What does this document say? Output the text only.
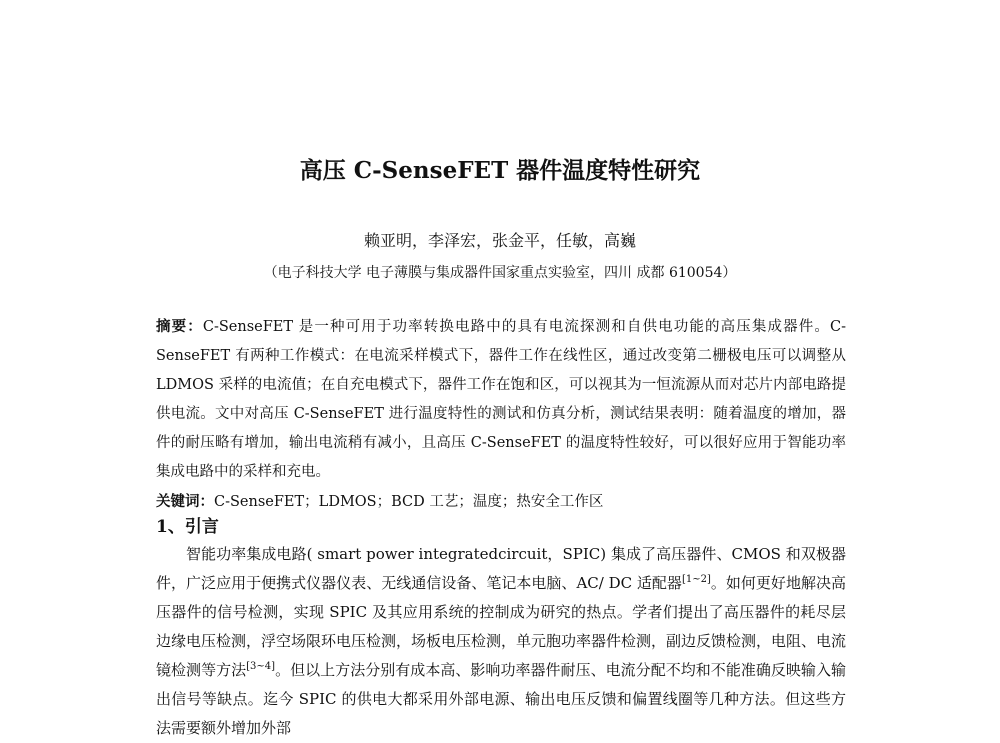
高压 C-SenseFET 器件温度特性研究
赖亚明，李泽宏，张金平，任敏，高巍
（电子科技大学 电子薄膜与集成器件国家重点实验室，四川 成都 610054）
摘要：C-SenseFET 是一种可用于功率转换电路中的具有电流探测和自供电功能的高压集成器件。C-SenseFET 有两种工作模式：在电流采样模式下，器件工作在线性区，通过改变第二栅极电压可以调整从 LDMOS 采样的电流值；在自充电模式下，器件工作在饱和区，可以视其为一恒流源从而对芯片内部电路提供电流。文中对高压 C-SenseFET 进行温度特性的测试和仿真分析，测试结果表明：随着温度的增加，器件的耐压略有增加，输出电流稍有减小，且高压 C-SenseFET 的温度特性较好，可以很好应用于智能功率集成电路中的采样和充电。
关键词：C-SenseFET；LDMOS；BCD 工艺；温度；热安全工作区
1、引言

智能功率集成电路( smart power integratedcircuit，SPIC) 集成了高压器件、CMOS 和双极器件，广泛应用于便携式仪器仪表、无线通信设备、笔记本电脑、AC/ DC 适配器[1~2]。如何更好地解决高压器件的信号检测，实现 SPIC 及其应用系统的控制成为研究的热点。学者们提出了高压器件的耗尽层边缘电压检测，浮空场限环电压检测，场板电压检测，单元胞功率器件检测，副边反馈检测，电阻、电流镜检测等方法[3~4]。但以上方法分别有成本高、影响功率器件耐压、电流分配不均和不能准确反映输入输出信号等缺点。迄今 SPIC 的供电大都采用外部电源、输出电压反馈和偏置线圈等几种方法。但这些方法需要额外增加外部
